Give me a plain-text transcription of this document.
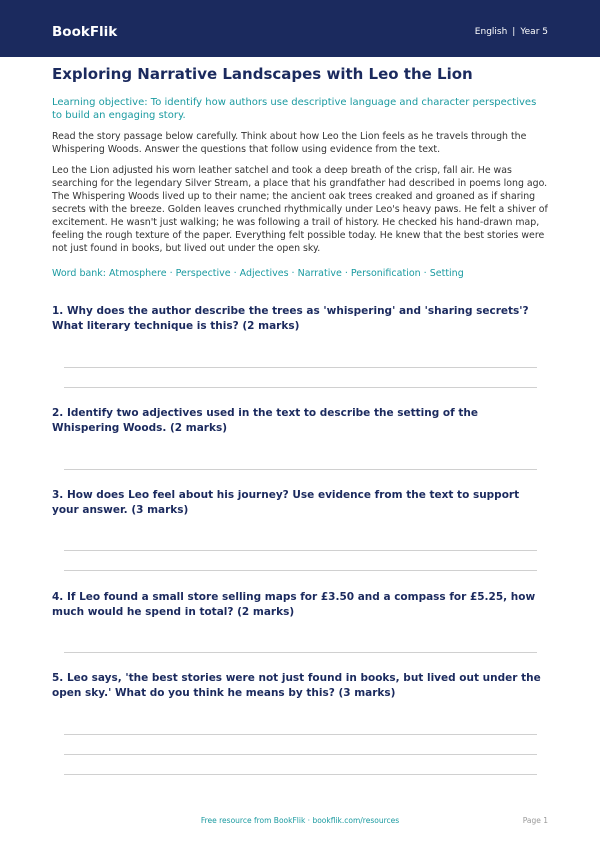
BookFlik	English | Year 5
Exploring Narrative Landscapes with Leo the Lion
Learning objective: To identify how authors use descriptive language and character perspectives to build an engaging story.
Read the story passage below carefully. Think about how Leo the Lion feels as he travels through the Whispering Woods. Answer the questions that follow using evidence from the text.
Leo the Lion adjusted his worn leather satchel and took a deep breath of the crisp, fall air. He was searching for the legendary Silver Stream, a place that his grandfather had described in poems long ago. The Whispering Woods lived up to their name; the ancient oak trees creaked and groaned as if sharing secrets with the breeze. Golden leaves crunched rhythmically under Leo's heavy paws. He felt a shiver of excitement. He wasn't just walking; he was following a trail of history. He checked his hand-drawn map, feeling the rough texture of the paper. Everything felt possible today. He knew that the best stories were not just found in books, but lived out under the open sky.
Word bank: Atmosphere · Perspective · Adjectives · Narrative · Personification · Setting
1. Why does the author describe the trees as 'whispering' and 'sharing secrets'? What literary technique is this? (2 marks)
2. Identify two adjectives used in the text to describe the setting of the Whispering Woods. (2 marks)
3. How does Leo feel about his journey? Use evidence from the text to support your answer. (3 marks)
4. If Leo found a small store selling maps for £3.50 and a compass for £5.25, how much would he spend in total? (2 marks)
5. Leo says, 'the best stories were not just found in books, but lived out under the open sky.' What do you think he means by this? (3 marks)
Free resource from BookFlik · bookflik.com/resources	Page 1
